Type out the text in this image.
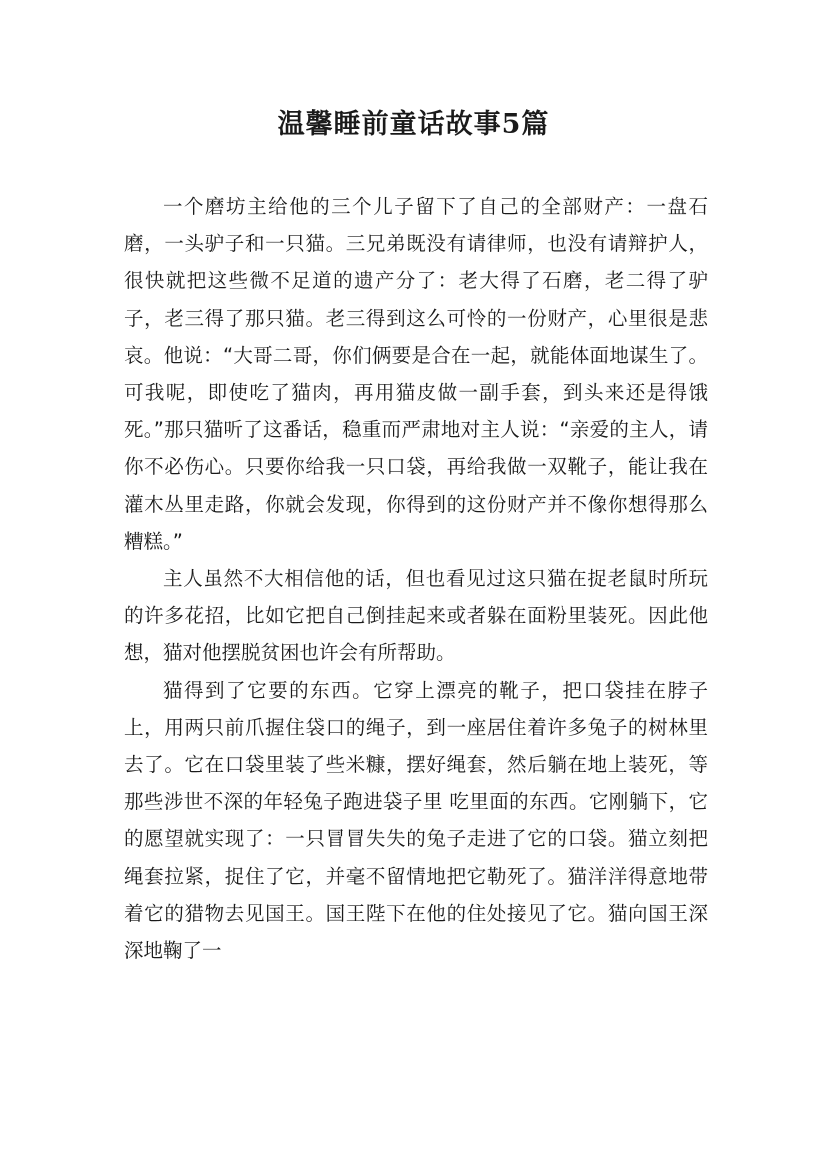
温馨睡前童话故事5篇

一个磨坊主给他的三个儿子留下了自己的全部财产：一盘石磨，一头驴子和一只猫。三兄弟既没有请律师，也没有请辩护人，很快就把这些微不足道的遗产分了：老大得了石磨，老二得了驴子，老三得了那只猫。老三得到这么可怜的一份财产，心里很是悲哀。他说：“大哥二哥，你们俩要是合在一起，就能体面地谋生了。可我呢，即使吃了猫肉，再用猫皮做一副手套，到头来还是得饿死。”那只猫听了这番话，稳重而严肃地对主人说：“亲爱的主人，请你不必伤心。只要你给我一只口袋，再给我做一双靴子，能让我在灌木丛里走路，你就会发现，你得到的这份财产并不像你想得那么糟糕。”

主人虽然不大相信他的话，但也看见过这只猫在捉老鼠时所玩的许多花招，比如它把自己倒挂起来或者躲在面粉里装死。因此他想，猫对他摆脱贫困也许会有所帮助。

猫得到了它要的东西。它穿上漂亮的靴子，把口袋挂在脖子上，用两只前爪握住袋口的绳子，到一座居住着许多兔子的树林里去了。它在口袋里装了些米糠，摆好绳套，然后躺在地上装死，等那些涉世不深的年轻兔子跑进袋子里 吃里面的东西。它刚躺下，它的愿望就实现了：一只冒冒失失的兔子走进了它的口袋。猫立刻把绳套拉紧，捉住了它，并毫不留情地把它勒死了。猫洋洋得意地带着它的猎物去见国王。国王陛下在他的住处接见了它。猫向国王深深地鞠了一
